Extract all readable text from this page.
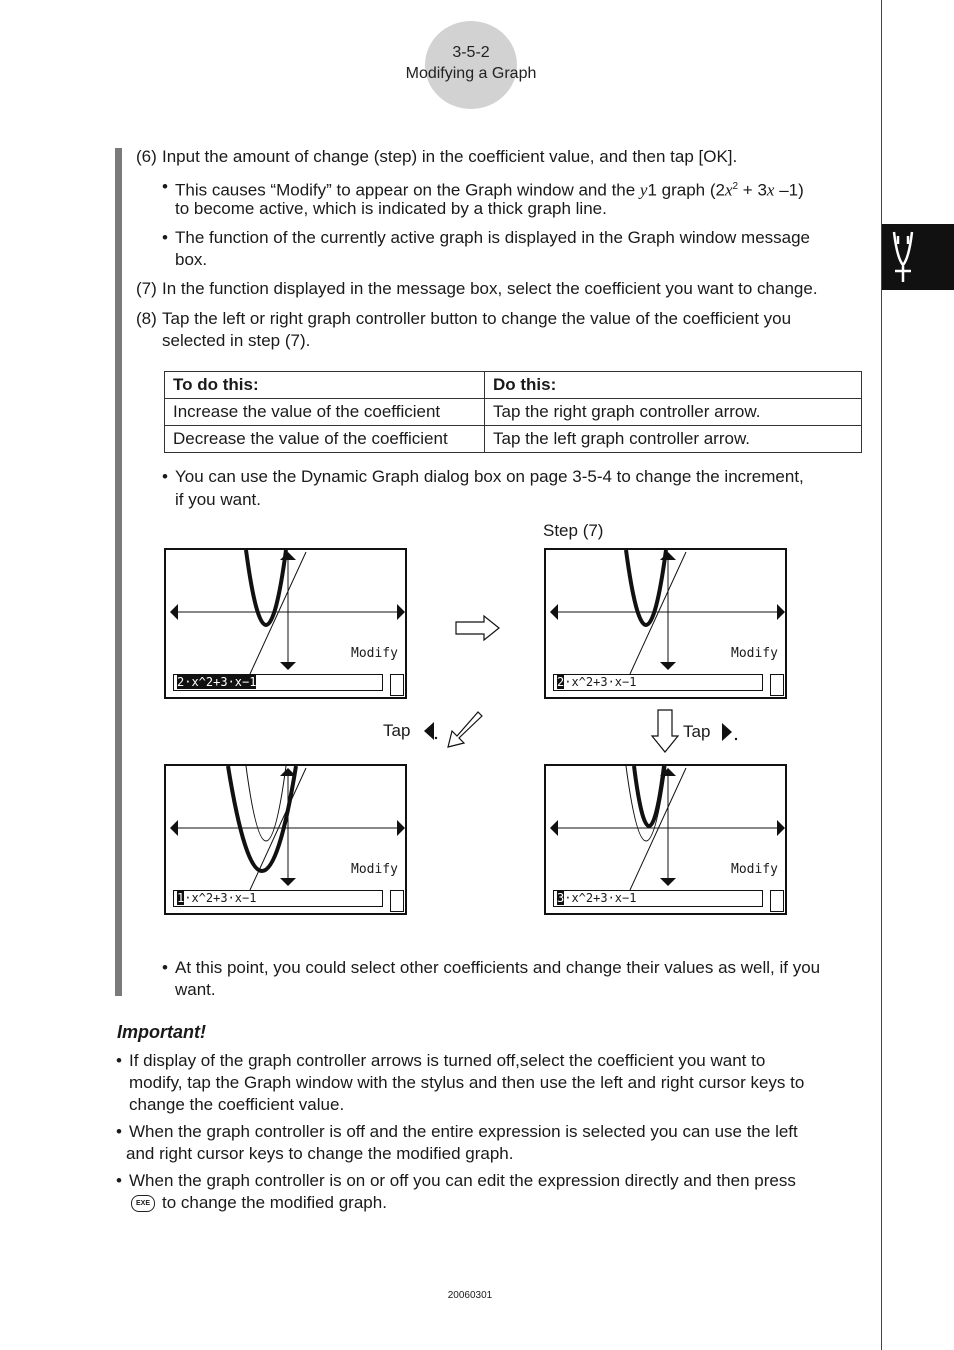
3-5-2
Modifying a Graph
(6) Input the amount of change (step) in the coefficient value, and then tap [OK].
• This causes “Modify” to appear on the Graph window and the y1 graph ($2x^2 + 3x$ –1)
to become active, which is indicated by a thick graph line.
• The function of the currently active graph is displayed in the Graph window message
box.
(7) In the function displayed in the message box, select the coefficient you want to change.
(8) Tap the left or right graph controller button to change the value of the coefficient you
selected in step (7).
To do this:	Do this:
Increase the value of the coefficient	Tap the right graph controller arrow.
Decrease the value of the coefficient	Tap the left graph controller arrow.
• You can use the Dynamic Graph dialog box on page 3-5-4 to change the increment,
if you want.
Step (7)
Modify
2·x^2+3·x−1
Modify
2·x^2+3·x−1
Tap	Tap
Modify
1·x^2+3·x−1
Modify
3·x^2+3·x−1
• At this point, you could select other coefficients and change their values as well, if you
want.
Important!
• If display of the graph controller arrows is turned off,select the coefficient you want to
modify, tap the Graph window with the stylus and then use the left and right cursor keys to
change the coefficient value.
• When the graph controller is off and the entire expression is selected you can use the left
and right cursor keys to change the modified graph.
• When the graph controller is on or off you can edit the expression directly and then press
EXE to change the modified graph.
20060301
